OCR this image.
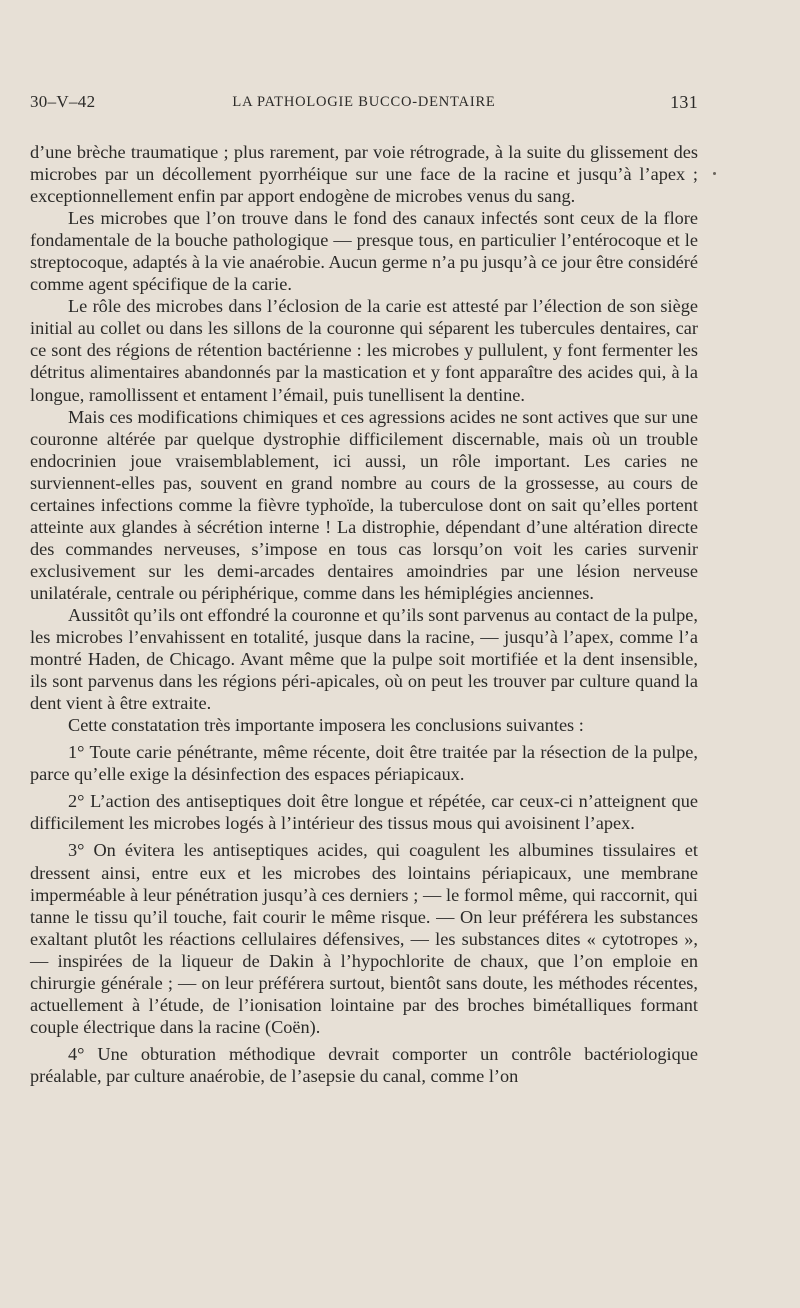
30–V–42	LA PATHOLOGIE BUCCO-DENTAIRE	131

d’une brèche traumatique ; plus rarement, par voie rétrograde, à la suite du glissement des microbes par un décollement pyorrhéique sur une face de la racine et jusqu’à l’apex ; exceptionnellement enfin par apport endogène de microbes venus du sang.

Les microbes que l’on trouve dans le fond des canaux infectés sont ceux de la flore fondamentale de la bouche pathologique — presque tous, en particulier l’entérocoque et le streptocoque, adaptés à la vie anaérobie. Aucun germe n’a pu jusqu’à ce jour être considéré comme agent spécifique de la carie.

Le rôle des microbes dans l’éclosion de la carie est attesté par l’élection de son siège initial au collet ou dans les sillons de la couronne qui séparent les tubercules dentaires, car ce sont des régions de rétention bactérienne : les microbes y pullulent, y font fermenter les détritus alimentaires abandonnés par la mastication et y font apparaître des acides qui, à la longue, ramollissent et entament l’émail, puis tunellisent la dentine.

Mais ces modifications chimiques et ces agressions acides ne sont actives que sur une couronne altérée par quelque dystrophie difficilement discernable, mais où un trouble endocrinien joue vraisemblablement, ici aussi, un rôle important. Les caries ne surviennent-elles pas, souvent en grand nombre au cours de la grossesse, au cours de certaines infections comme la fièvre typhoïde, la tuberculose dont on sait qu’elles portent atteinte aux glandes à sécrétion interne ! La distrophie, dépendant d’une altération directe des commandes nerveuses, s’impose en tous cas lorsqu’on voit les caries survenir exclusivement sur les demi-arcades dentaires amoindries par une lésion nerveuse unilatérale, centrale ou périphérique, comme dans les hémiplégies anciennes.

Aussitôt qu’ils ont effondré la couronne et qu’ils sont parvenus au contact de la pulpe, les microbes l’envahissent en totalité, jusque dans la racine, — jusqu’à l’apex, comme l’a montré Haden, de Chicago. Avant même que la pulpe soit mortifiée et la dent insensible, ils sont parvenus dans les régions péri-apicales, où on peut les trouver par culture quand la dent vient à être extraite.

Cette constatation très importante imposera les conclusions suivantes :

1° Toute carie pénétrante, même récente, doit être traitée par la résection de la pulpe, parce qu’elle exige la désinfection des espaces périapicaux.

2° L’action des antiseptiques doit être longue et répétée, car ceux-ci n’atteignent que difficilement les microbes logés à l’intérieur des tissus mous qui avoisinent l’apex.

3° On évitera les antiseptiques acides, qui coagulent les albumines tissulaires et dressent ainsi, entre eux et les microbes des lointains périapicaux, une membrane imperméable à leur pénétration jusqu’à ces derniers ; — le formol même, qui raccornit, qui tanne le tissu qu’il touche, fait courir le même risque. — On leur préférera les substances exaltant plutôt les réactions cellulaires défensives, — les substances dites « cytotropes », — inspirées de la liqueur de Dakin à l’hypochlorite de chaux, que l’on emploie en chirurgie générale ; — on leur préférera surtout, bientôt sans doute, les méthodes récentes, actuellement à l’étude, de l’ionisation lointaine par des broches bimétalliques formant couple électrique dans la racine (Coën).

4° Une obturation méthodique devrait comporter un contrôle bactériologique préalable, par culture anaérobie, de l’asepsie du canal, comme l’on
